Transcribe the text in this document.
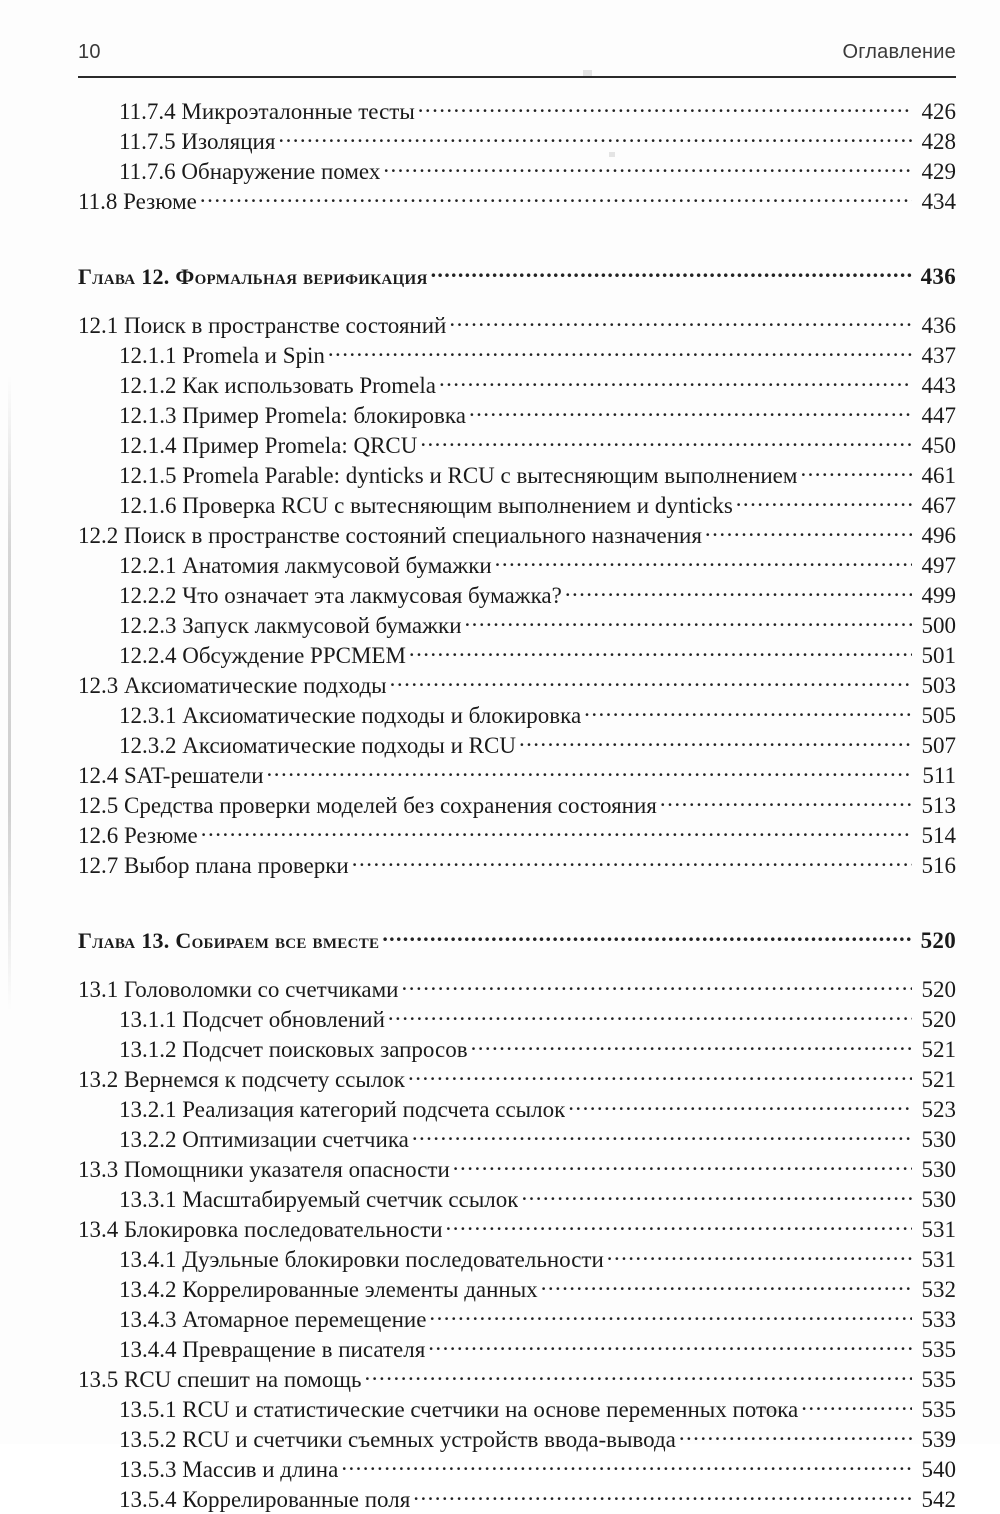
10	Оглавление
11.7.4 Микроэталонные тесты .....	426
11.7.5 Изоляция .....	428
11.7.6 Обнаружение помех .....	429
11.8 Резюме .....	434
Глава 12. Формальная верификация .....	436
12.1 Поиск в пространстве состояний .....	436
12.1.1 Promela и Spin .....	437
12.1.2 Как использовать Promela .....	443
12.1.3 Пример Promela: блокировка .....	447
12.1.4 Пример Promela: QRCU .....	450
12.1.5 Promela Parable: dynticks и RCU с вытесняющим выполнением .....	461
12.1.6 Проверка RCU с вытесняющим выполнением и dynticks .....	467
12.2 Поиск в пространстве состояний специального назначения .....	496
12.2.1 Анатомия лакмусовой бумажки .....	497
12.2.2 Что означает эта лакмусовая бумажка? .....	499
12.2.3 Запуск лакмусовой бумажки .....	500
12.2.4 Обсуждение PPCMEM .....	501
12.3 Аксиоматические подходы .....	503
12.3.1 Аксиоматические подходы и блокировка .....	505
12.3.2 Аксиоматические подходы и RCU .....	507
12.4 SAT-решатели .....	511
12.5 Средства проверки моделей без сохранения состояния .....	513
12.6 Резюме .....	514
12.7 Выбор плана проверки .....	516
Глава 13. Собираем все вместе .....	520
13.1 Головоломки со счетчиками .....	520
13.1.1 Подсчет обновлений .....	520
13.1.2 Подсчет поисковых запросов .....	521
13.2 Вернемся к подсчету ссылок .....	521
13.2.1 Реализация категорий подсчета ссылок .....	523
13.2.2 Оптимизации счетчика .....	530
13.3 Помощники указателя опасности .....	530
13.3.1 Масштабируемый счетчик ссылок .....	530
13.4 Блокировка последовательности .....	531
13.4.1 Дуэльные блокировки последовательности .....	531
13.4.2 Коррелированные элементы данных .....	532
13.4.3 Атомарное перемещение .....	533
13.4.4 Превращение в писателя .....	535
13.5 RCU спешит на помощь .....	535
13.5.1 RCU и статистические счетчики на основе переменных потока .....	535
13.5.2 RCU и счетчики съемных устройств ввода-вывода .....	539
13.5.3 Массив и длина .....	540
13.5.4 Коррелированные поля .....	542
